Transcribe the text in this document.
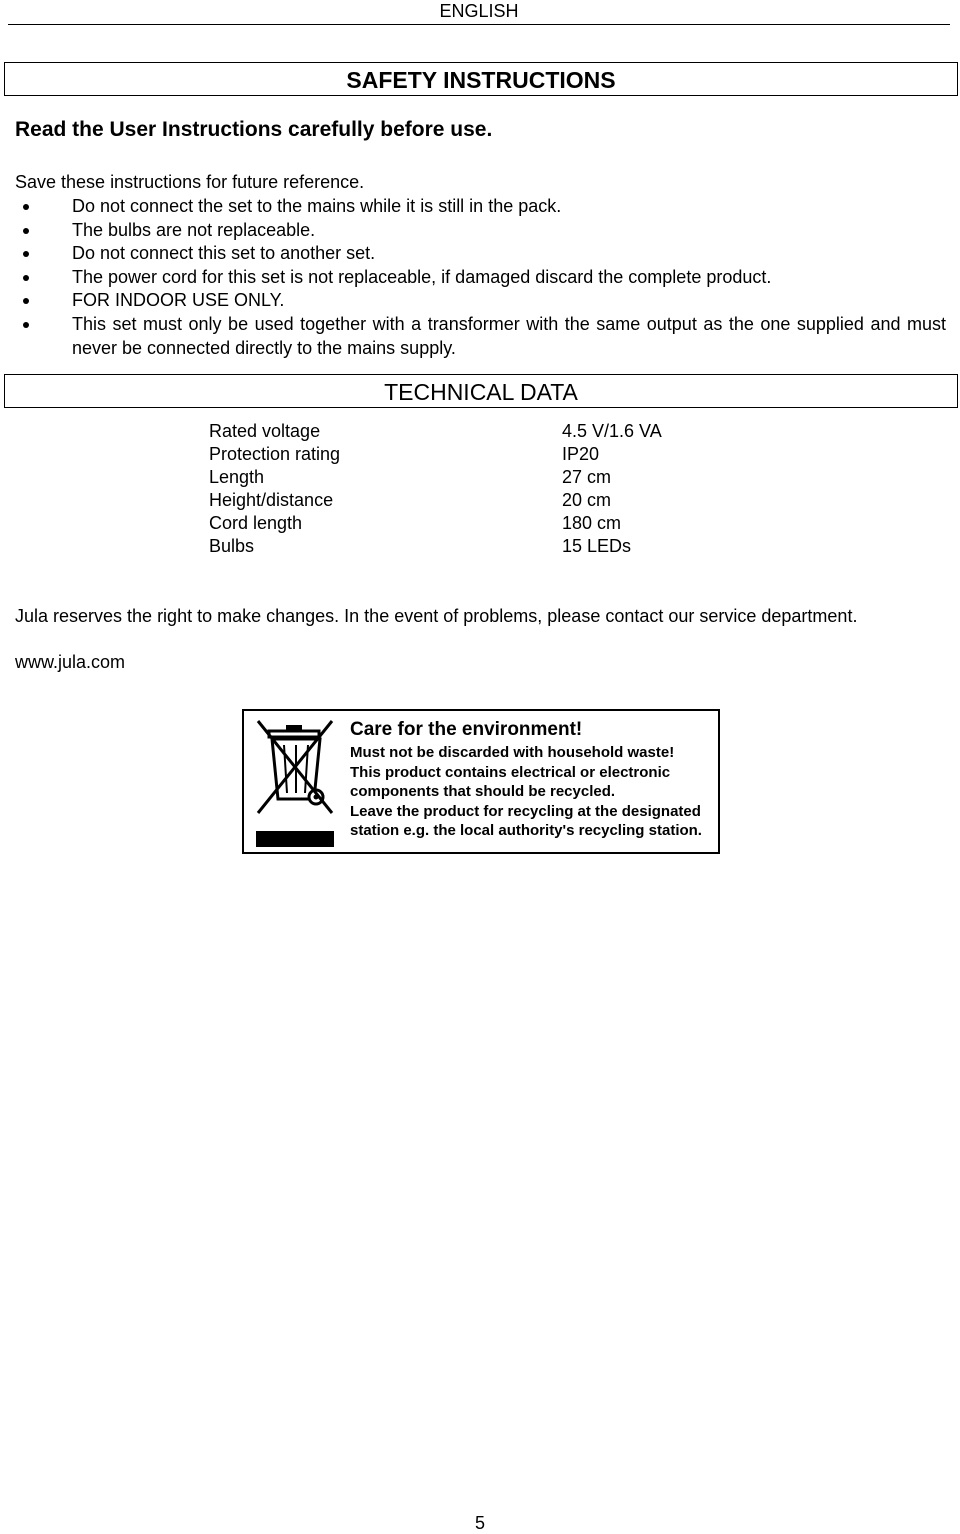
ENGLISH
SAFETY INSTRUCTIONS
Read the User Instructions carefully before use.
Save these instructions for future reference.
Do not connect the set to the mains while it is still in the pack.
The bulbs are not replaceable.
Do not connect this set to another set.
The power cord for this set is not replaceable, if damaged discard the complete product.
FOR INDOOR USE ONLY.
This set must only be used together with a transformer with the same output as the one supplied and must never be connected directly to the mains supply.
TECHNICAL DATA
Rated voltage	4.5 V/1.6 VA
Protection rating	IP20
Length	27 cm
Height/distance	20 cm
Cord length	180 cm
Bulbs	15 LEDs
Jula reserves the right to make changes. In the event of problems, please contact our service department.
www.jula.com
Care for the environment!
Must not be discarded with household waste!
This product contains electrical or electronic
components that should be recycled.
Leave the product for recycling at the designated
station e.g. the local authority's recycling station.
5
